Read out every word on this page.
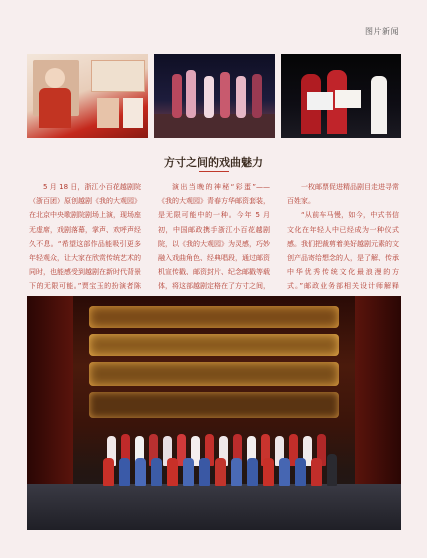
图片新闻
方寸之间的戏曲魅力

5 月 18 日，浙江小百花越剧院（浙百团）原创越剧《我的大观园》在北京中央歌剧院剧场上演，现场座无虚席，戏剧落幕，掌声、欢呼声经久不息。“希望这部作品能吸引更多年轻观众，让大家在欣赏传统艺术的同时，也能感受到越剧在新时代背景下的无限可能。”贾宝玉的扮演者陈

演出当晚的神秘“彩蛋”——《我的大观园》青春方华邮资套装，是无限可能中的一种。今年 5 月初，中国邮政携手浙江小百花越剧院，以《我的大观园》为灵感，巧妙融入戏曲角色、经典唱段，通过邮资机宣传戳、邮资封片、纪念邮戳等载体，将这部越剧定格在了方寸之间，

一枚邮票促进精品剧目走进寻常百姓家。

“从前车马慢，如今，中式书信文化在年轻人中已经成为一种仪式感。我们把裁剪着美好越剧元素的文创产品寄给想念的人，是了解、传承中华优秀传统文化最浪漫的方式。”邮政业务部相关设计师解释
